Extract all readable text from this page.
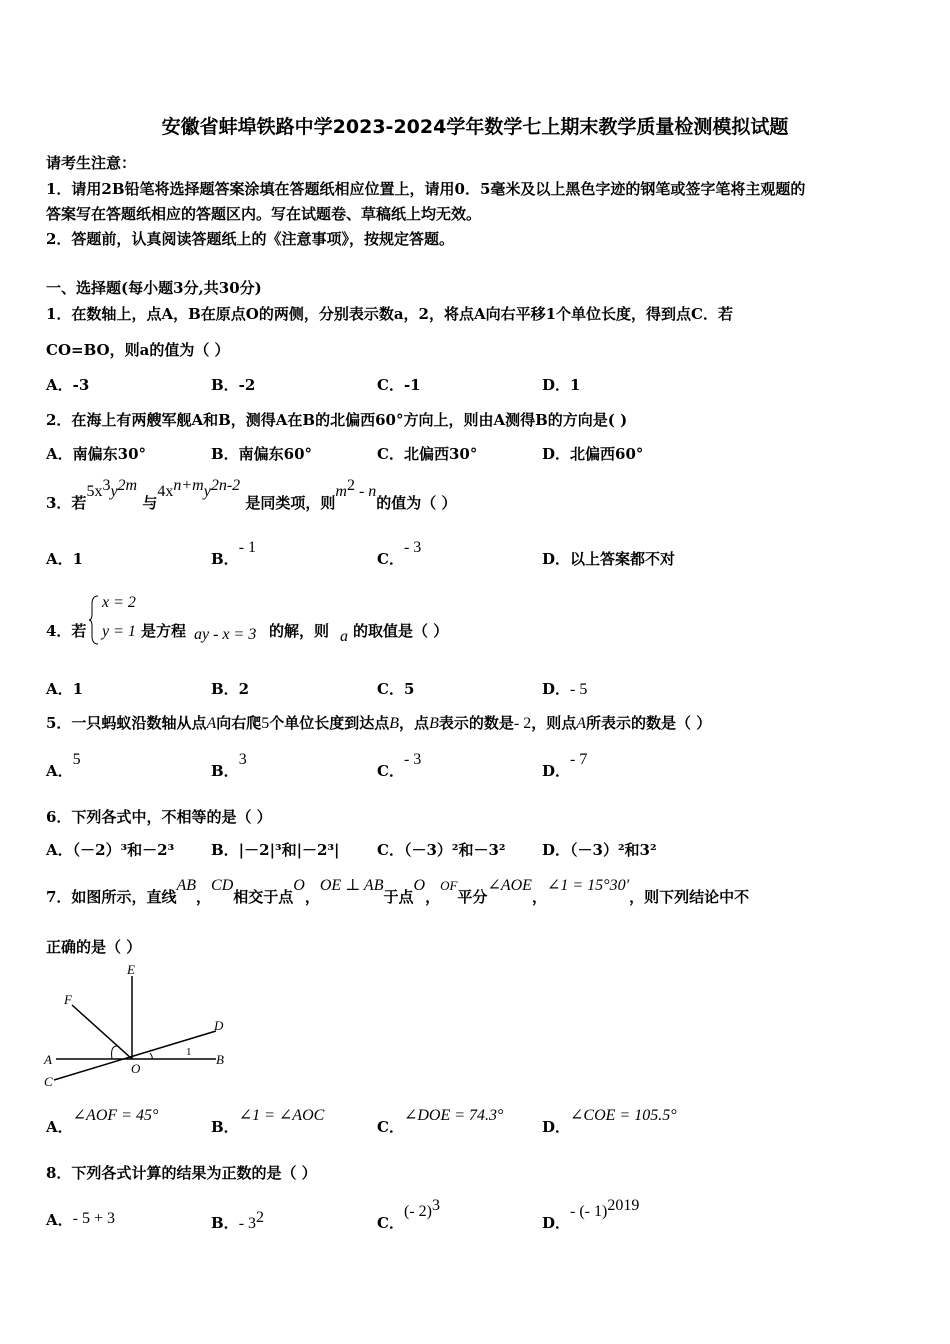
安徽省蚌埠铁路中学2023-2024学年数学七上期末教学质量检测模拟试题
请考生注意：
1．请用2B铅笔将选择题答案涂填在答题纸相应位置上，请用0．5毫米及以上黑色字迹的钢笔或签字笔将主观题的
答案写在答题纸相应的答题区内。写在试题卷、草稿纸上均无效。
2．答题前，认真阅读答题纸上的《注意事项》，按规定答题。
一、选择题(每小题3分,共30分)
1．在数轴上，点A，B在原点O的两侧，分别表示数a，2，将点A向右平移1个单位长度，得到点C．若
CO=BO，则a的值为（ ）
A．-3	B．-2	C．-1	D．1
2．在海上有两艘军舰A和B，测得A在B的北偏西60°方向上，则由A测得B的方向是( )
A．南偏东30°	B．南偏东60°	C．北偏西30°	D．北偏西60°
3．若$5x^3y^{2m}$ 与$4x^{n+m}y^{2n-2}$ 是同类项，则$m^2$ - n的值为（ ）
A．1	B．- 1
C．- 3
D．以上答案都不对
4．若
x = 2
y = 1 是方程 ay - x = 3 的解，则 a 的取值是（ ）
A．1	B．2	C．5	D．- 5
5．一只蚂蚁沿数轴从点A向右爬5个单位长度到达点B，点B表示的数是- 2，则点A所表示的数是（ ）
A．5
B．3
C．- 3
D．- 7
6．下列各式中，不相等的是（ ）
A．（－2）³和－2³ B．|－2|³和|－2³| C．（－3）²和－3² D．（－3）²和3²
7．如图所示，直线AB，CD相交于点O，OE ⊥ AB于点O，OF平分∠AOE，∠1 = 15°30′，则下列结论中不
正确的是（ ）
E
F
D
A	B
C
O
1
A．∠AOF = 45°
B．∠1 = ∠AOC
C．∠DOE = 74.3°
D．∠COE = 105.5°
8．下列各式计算的结果为正数的是（ ）
A．- 5 + 3	B．- $3^2$	C．(- 2)$^3$
D．- (- 1)$^{2019}$
